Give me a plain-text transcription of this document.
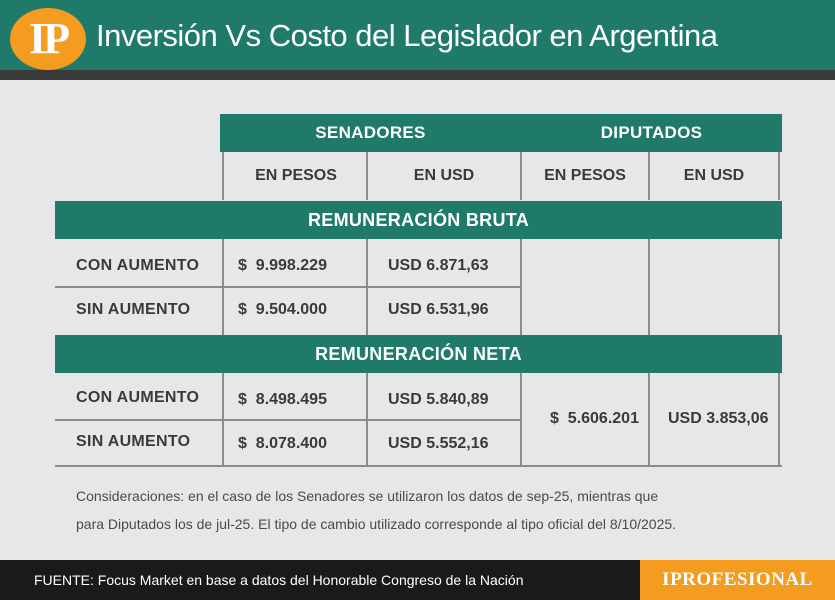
IP Inversión Vs Costo del Legislador en Argentina
SENADORES	DIPUTADOS
EN PESOS	EN USD	EN PESOS	EN USD
REMUNERACIÓN BRUTA
CON AUMENTO $  9.998.229	USD 6.871,63
SIN AUMENTO	$  9.504.000	USD 6.531,96
REMUNERACIÓN NETA
CON AUMENTO $  8.498.495	USD 5.840,89
SIN AUMENTO	$  8.078.400	USD 5.552,16
$  5.606.201 USD 3.853,06
Consideraciones: en el caso de los Senadores se utilizaron los datos de sep-25, mientras que
para Diputados los de jul-25. El tipo de cambio utilizado corresponde al tipo oficial del 8/10/2025.
FUENTE: Focus Market en base a datos del Honorable Congreso de la Nación	IPROFESIONAL
